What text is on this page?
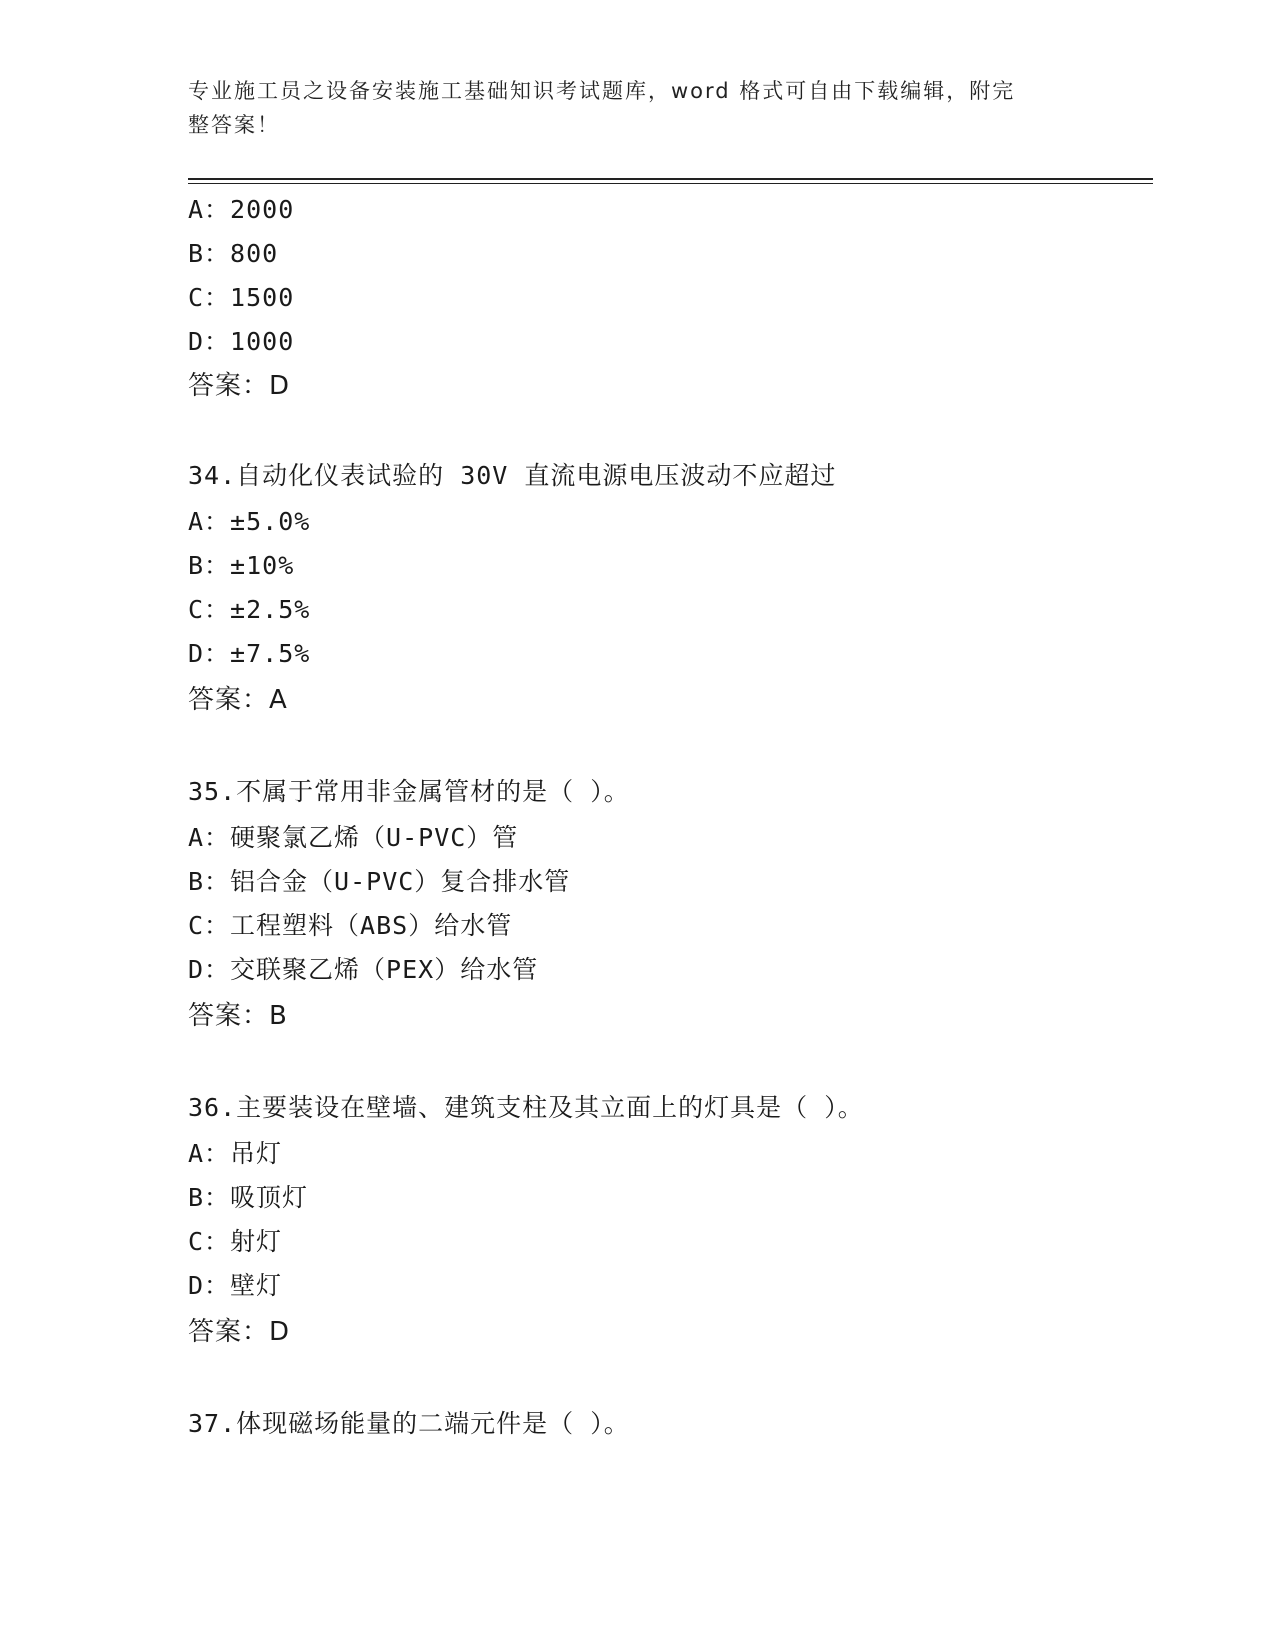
专业施工员之设备安装施工基础知识考试题库，word 格式可自由下载编辑，附完
整答案！
A：2000
B：800
C：1500
D：1000
答案：D
34.自动化仪表试验的 30V 直流电源电压波动不应超过
A：±5.0%
B：±10%
C：±2.5%
D：±7.5%
答案：A
35.不属于常用非金属管材的是（ ）。
A：硬聚氯乙烯（U-PVC）管
B：铝合金（U-PVC）复合排水管
C：工程塑料（ABS）给水管
D：交联聚乙烯（PEX）给水管
答案：B
36.主要装设在壁墙、建筑支柱及其立面上的灯具是（ ）。
A：吊灯
B：吸顶灯
C：射灯
D：壁灯
答案：D
37.体现磁场能量的二端元件是（ ）。
